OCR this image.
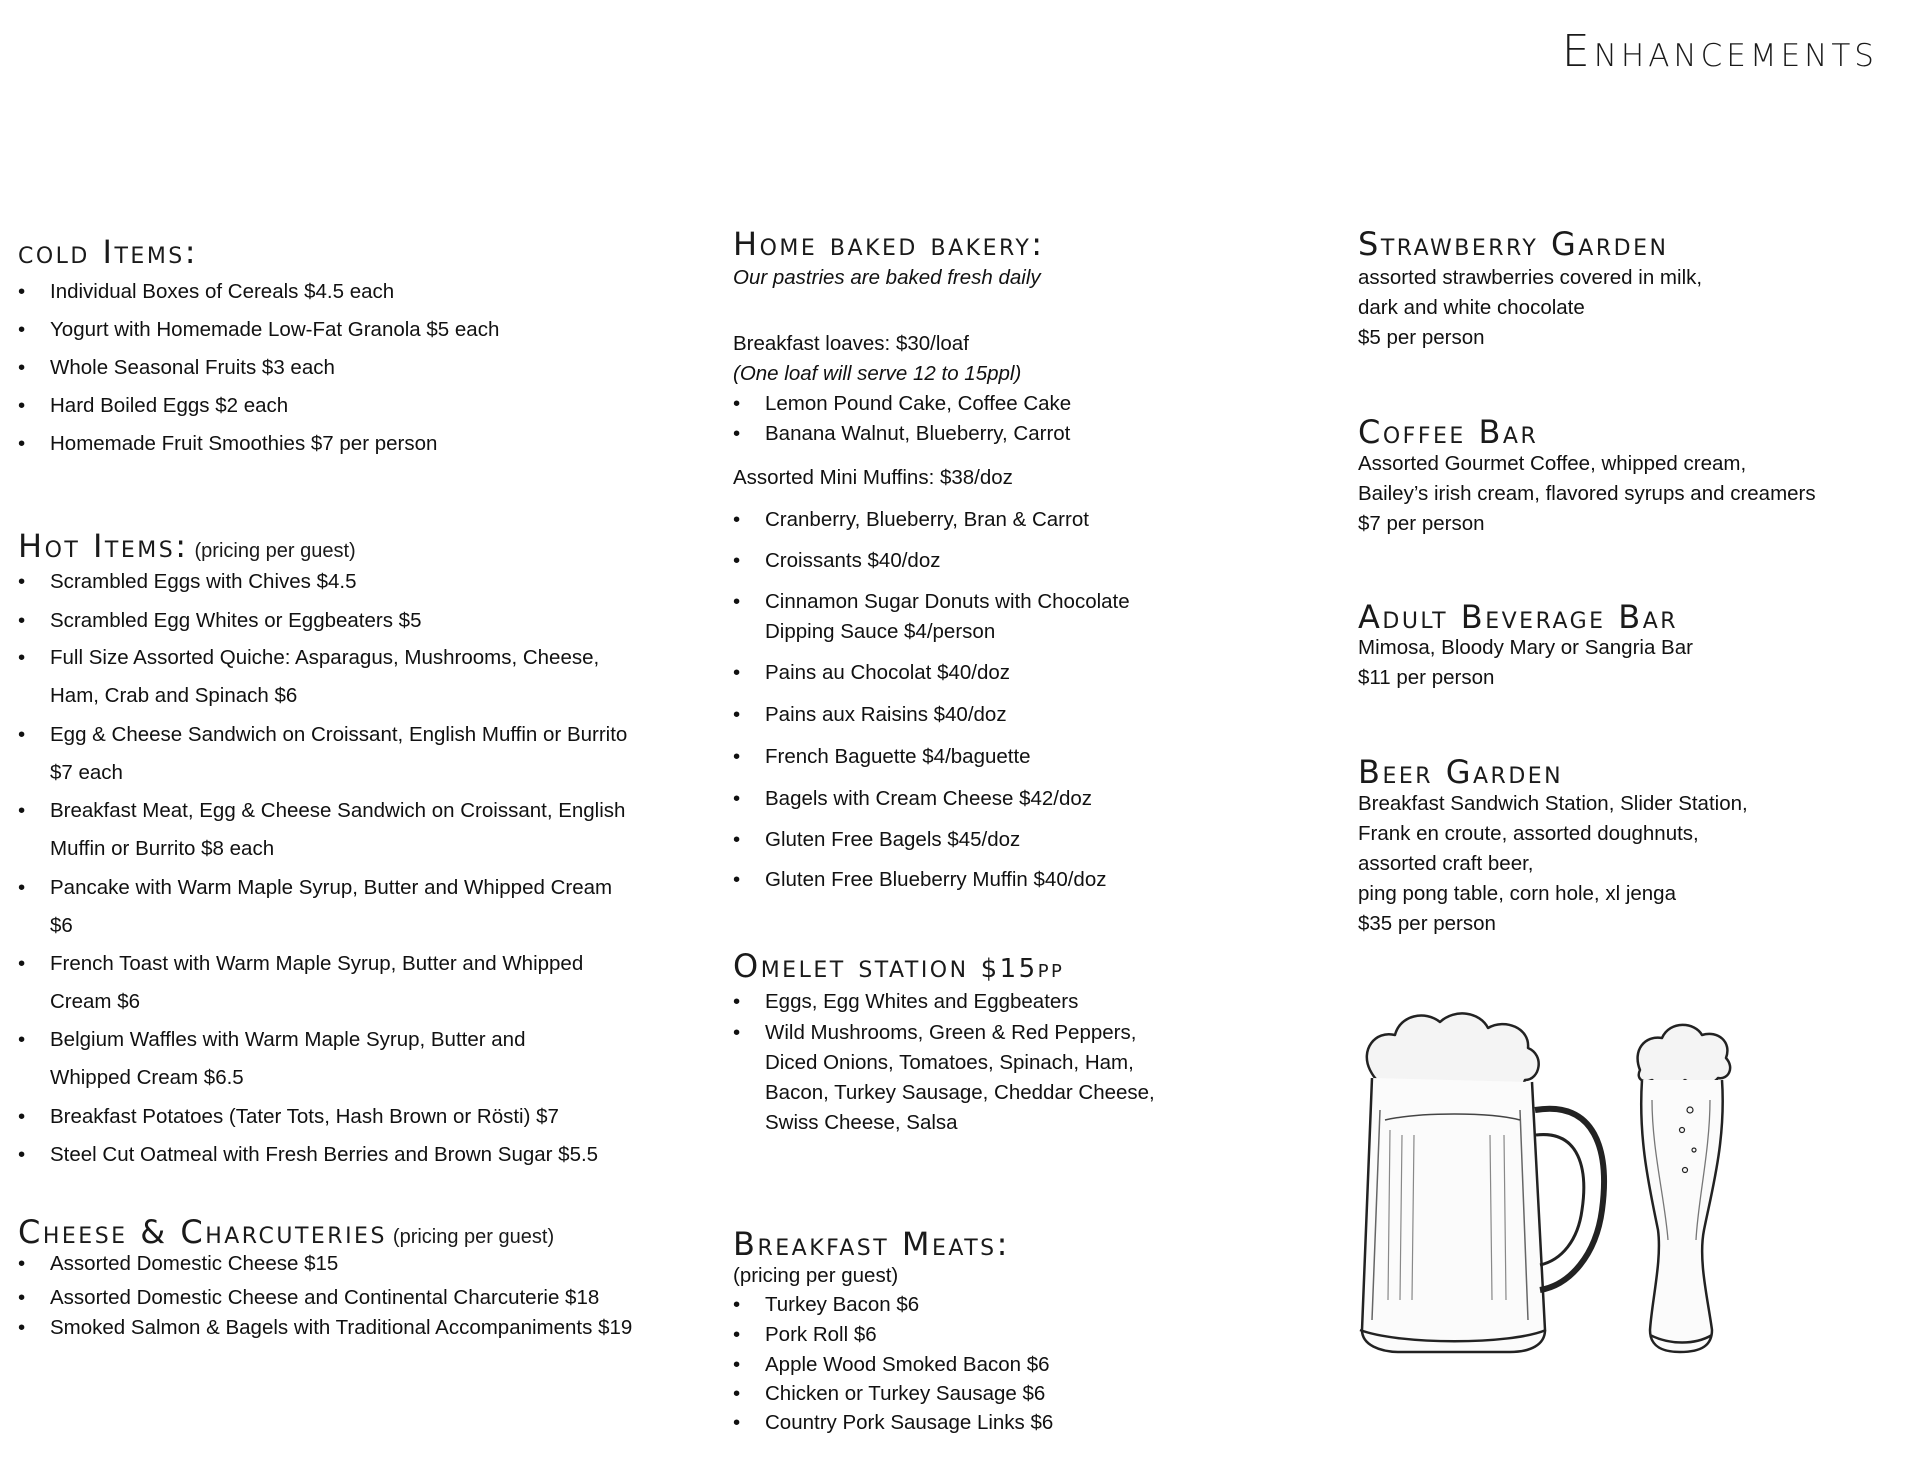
Enhancements
cold Items:
• Individual Boxes of Cereals $4.5 each
• Yogurt with Homemade Low-Fat Granola $5 each
• Whole Seasonal Fruits $3 each
• Hard Boiled Eggs $2 each
• Homemade Fruit Smoothies $7 per person
Hot Items: (pricing per guest)
• Scrambled Eggs with Chives $4.5
• Scrambled Egg Whites or Eggbeaters $5
• Full Size Assorted Quiche: Asparagus, Mushrooms, Cheese,
Ham, Crab and Spinach $6
• Egg & Cheese Sandwich on Croissant, English Muffin or Burrito
$7 each
• Breakfast Meat, Egg & Cheese Sandwich on Croissant, English
Muffin or Burrito $8 each
• Pancake with Warm Maple Syrup, Butter and Whipped Cream
$6
• French Toast with Warm Maple Syrup, Butter and Whipped
Cream $6
• Belgium Waffles with Warm Maple Syrup, Butter and
Whipped Cream $6.5
• Breakfast Potatoes (Tater Tots, Hash Brown or Rösti) $7
• Steel Cut Oatmeal with Fresh Berries and Brown Sugar $5.5
Cheese & Charcuteries (pricing per guest)
• Assorted Domestic Cheese $15
• Assorted Domestic Cheese and Continental Charcuterie $18
• Smoked Salmon & Bagels with Traditional Accompaniments $19
Home baked bakery:
Our pastries are baked fresh daily
Breakfast loaves: $30/loaf
(One loaf will serve 12 to 15ppl)
• Lemon Pound Cake, Coffee Cake
• Banana Walnut, Blueberry, Carrot
Assorted Mini Muffins: $38/doz
• Cranberry, Blueberry, Bran & Carrot
• Croissants $40/doz
• Cinnamon Sugar Donuts with Chocolate
Dipping Sauce $4/person
• Pains au Chocolat $40/doz
• Pains aux Raisins $40/doz
• French Baguette $4/baguette
• Bagels with Cream Cheese $42/doz
• Gluten Free Bagels $45/doz
• Gluten Free Blueberry Muffin $40/doz
Omelet station $15pp
• Eggs, Egg Whites and Eggbeaters
• Wild Mushrooms, Green & Red Peppers,
Diced Onions, Tomatoes, Spinach, Ham,
Bacon, Turkey Sausage, Cheddar Cheese,
Swiss Cheese, Salsa
Breakfast Meats:
(pricing per guest)
• Turkey Bacon $6
• Pork Roll $6
• Apple Wood Smoked Bacon $6
• Chicken or Turkey Sausage $6
• Country Pork Sausage Links $6
Strawberry Garden
assorted strawberries covered in milk,
dark and white chocolate
$5 per person
Coffee Bar
Assorted Gourmet Coffee, whipped cream,
Bailey’s irish cream, flavored syrups and creamers
$7 per person
Adult Beverage Bar
Mimosa, Bloody Mary or Sangria Bar
$11 per person
Beer Garden
Breakfast Sandwich Station, Slider Station,
Frank en croute, assorted doughnuts,
assorted craft beer,
ping pong table, corn hole, xl jenga
$35 per person
